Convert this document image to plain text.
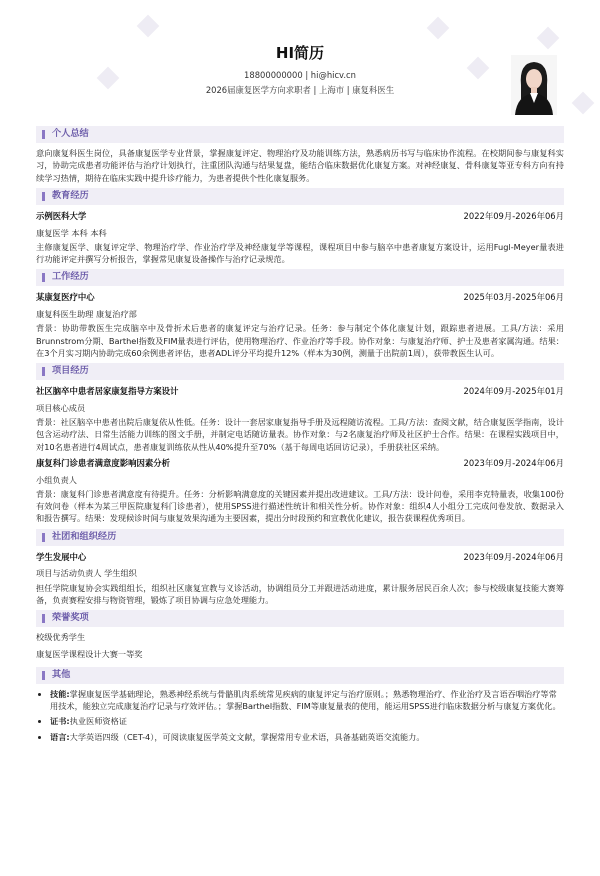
HI简历
18800000000 | hi@hicv.cn
2026届康复医学方向求职者 | 上海市 | 康复科医生
个人总结

意向康复科医生岗位，具备康复医学专业背景，掌握康复评定、物理治疗及功能训练方法，熟悉病历书写与临床协作流程。在校期间参与康复科实习，协助完成患者功能评估与治疗计划执行，注重团队沟通与结果复盘，能结合临床数据优化康复方案。对神经康复、骨科康复等亚专科方向有持续学习热情，期待在临床实践中提升诊疗能力，为患者提供个性化康复服务。

教育经历
示例医科大学	2022年09月-2026年06月
康复医学 本科 本科

主修康复医学、康复评定学、物理治疗学、作业治疗学及神经康复学等课程，课程项目中参与脑卒中患者康复方案设计，运用Fugl-Meyer量表进行功能评定并撰写分析报告，掌握常见康复设备操作与治疗记录规范。

工作经历
某康复医疗中心	2025年03月-2025年06月
康复科医生助理 康复治疗部

背景：协助带教医生完成脑卒中及骨折术后患者的康复评定与治疗记录。任务：参与制定个体化康复计划，跟踪患者进展。工具/方法：采用Brunnstrom分期、Barthel指数及FIM量表进行评估，使用物理治疗、作业治疗等手段。协作对象：与康复治疗师、护士及患者家属沟通。结果：在3个月实习期内协助完成60余例患者评估，患者ADL评分平均提升12%（样本为30例，测量于出院前1周），获带教医生认可。

项目经历
社区脑卒中患者居家康复指导方案设计	2024年09月-2025年01月
项目核心成员

背景：社区脑卒中患者出院后康复依从性低。任务：设计一套居家康复指导手册及远程随访流程。工具/方法：查阅文献，结合康复医学指南，设计包含运动疗法、日常生活能力训练的图文手册，并制定电话随访量表。协作对象：与2名康复治疗师及社区护士合作。结果：在课程实践项目中，对10名患者进行4周试点，患者康复训练依从性从40%提升至70%（基于每周电话回访记录），手册获社区采纳。

康复科门诊患者满意度影响因素分析	2023年09月-2024年06月
小组负责人

背景：康复科门诊患者满意度有待提升。任务：分析影响满意度的关键因素并提出改进建议。工具/方法：设计问卷，采用李克特量表，收集100份有效问卷（样本为某三甲医院康复科门诊患者），使用SPSS进行描述性统计和相关性分析。协作对象：组织4人小组分工完成问卷发放、数据录入和报告撰写。结果：发现候诊时间与康复效果沟通为主要因素，提出分时段预约和宣教优化建议，报告获课程优秀项目。

社团和组织经历
学生发展中心	2023年09月-2024年06月
项目与活动负责人 学生组织

担任学院康复协会实践组组长，组织社区康复宣教与义诊活动，协调组员分工并跟进活动进度，累计服务居民百余人次；参与校级康复技能大赛筹备，负责赛程安排与物资管理，锻炼了项目协调与应急处理能力。

荣誉奖项
校级优秀学生
康复医学课程设计大赛一等奖
其他
• 技能:掌握康复医学基础理论，熟悉神经系统与骨骼肌肉系统常见疾病的康复评定与治疗原则。；熟悉物理治疗、作业治疗及言语吞咽治疗等常用技术，能独立完成康复治疗记录与疗效评估。；掌握Barthel指数、FIM等康复量表的使用，能运用SPSS进行临床数据分析与康复方案优化。
• 证书:执业医师资格证
• 语言:大学英语四级（CET-4），可阅读康复医学英文文献，掌握常用专业术语，具备基础英语交流能力。
